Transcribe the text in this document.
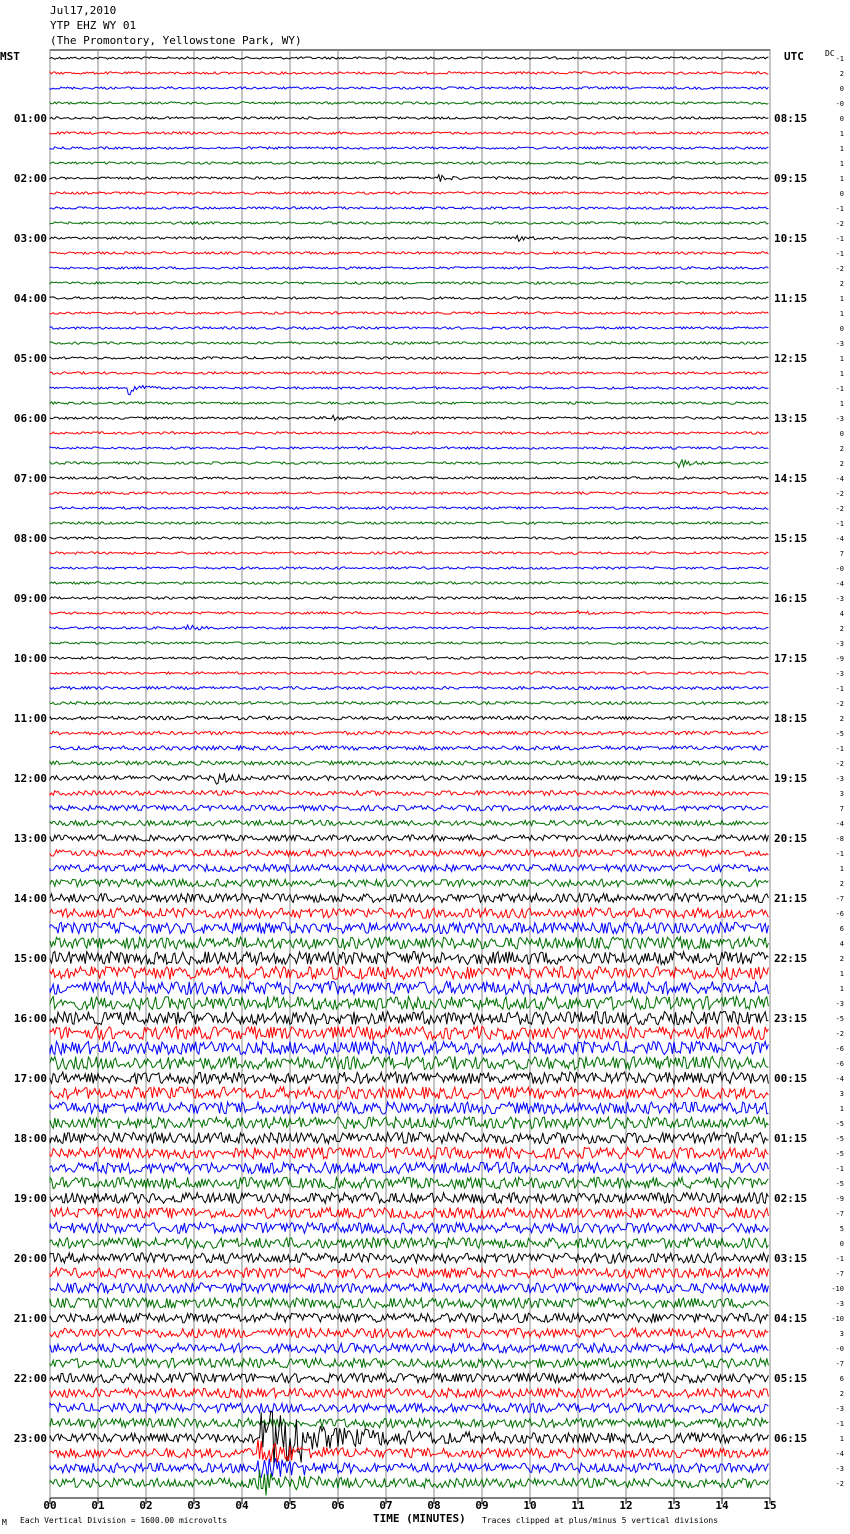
Jul17,2010
YTP EHZ WY 01
(The Promontory, Yellowstone Park, WY)
MST	UTC	DC
00	01	02	03	04	05	06	07	08	09	10	11	12	13	14	15
01:00
02:00
03:00
04:00
05:00
06:00
07:00
08:00
09:00
10:00
11:00
12:00
13:00
14:00
15:00
16:00
17:00
18:00
19:00
20:00
21:00
22:00
23:00
08:15
09:15
10:15
11:15
12:15
13:15
14:15
15:15
16:15
17:15
18:15
19:15
20:15
21:15
22:15
23:15
00:15
01:15
02:15
03:15
04:15
05:15
06:15
-1
2
0
-0
0
1
1
1
1
0
-1
-2
-1
-1
-2
2
1
1
0
-3
1
1
-1
1
-3
0
2
2
-4
-2
-2
-1
-4
7
-0
-4
-3
4
2
-3
-9
-3
-1
-2
2
-5
-1
-2
-3
3
7
-4
-8
-1
1
2
-7
-6
6
4
2
1
1
-3
-5
-2
-6
-6
-4
3
1
-5
-5
-5
-1
-5
-9
-7
5
0
-1
-7
-10
-3
-10
3
-0
-7
6
2
-3
-1
1
-4
-3
-2
M Each Vertical Division = 1600.00 microvolts	TIME (MINUTES) Traces clipped at plus/minus 5 vertical divisions
